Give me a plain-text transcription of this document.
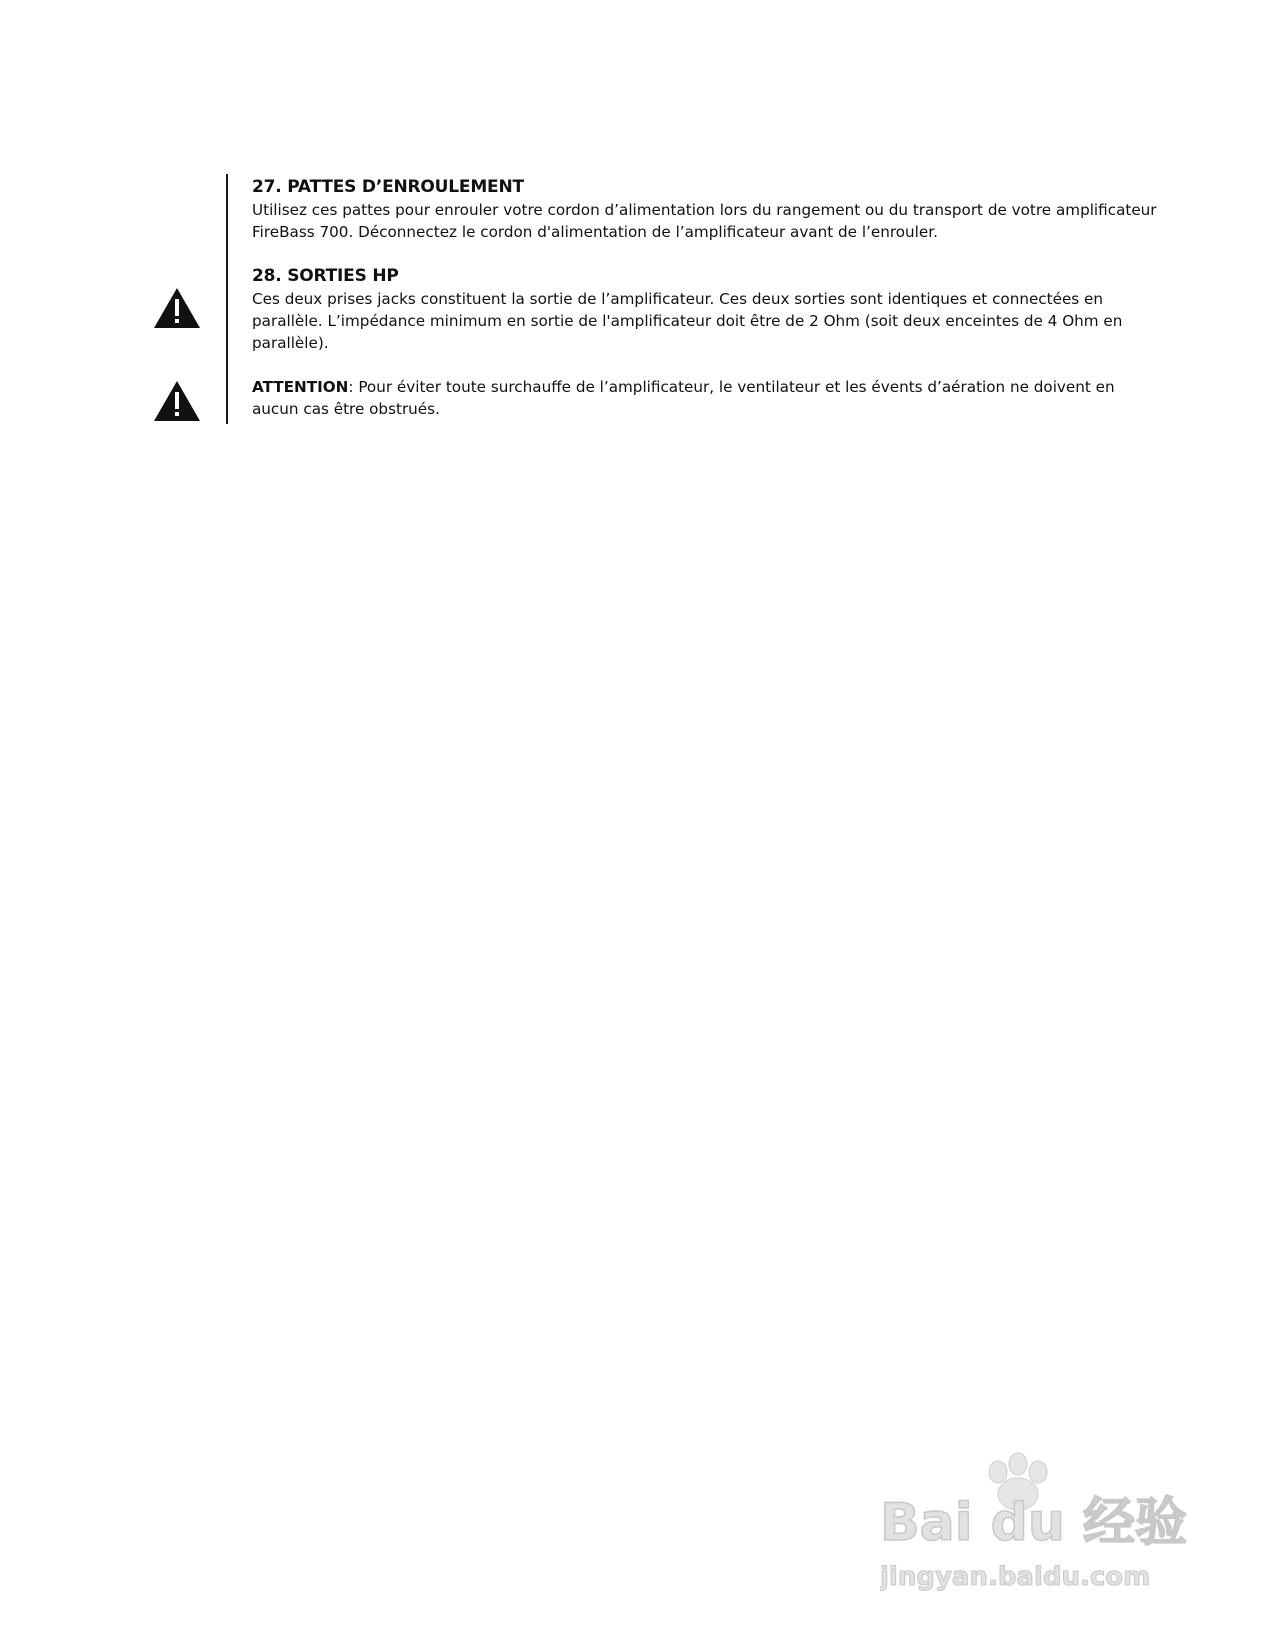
27. PATTES D’ENROULEMENT

Utilisez ces pattes pour enrouler votre cordon d’alimentation lors du rangement ou du transport de votre amplificateur FireBass 700. Déconnectez le cordon d'alimentation de l’amplificateur avant de l’enrouler.

28. SORTIES HP

Ces deux prises jacks constituent la sortie de l’amplificateur. Ces deux sorties sont identiques et connectées en parallèle. L’impédance minimum en sortie de l'amplificateur doit être de 2 Ohm (soit deux enceintes de 4 Ohm en parallèle).

ATTENTION: Pour éviter toute surchauffe de l’amplificateur, le ventilateur et les évents d’aération ne doivent en aucun cas être obstrués.

Bai du 经验
jingyan.baidu.com
